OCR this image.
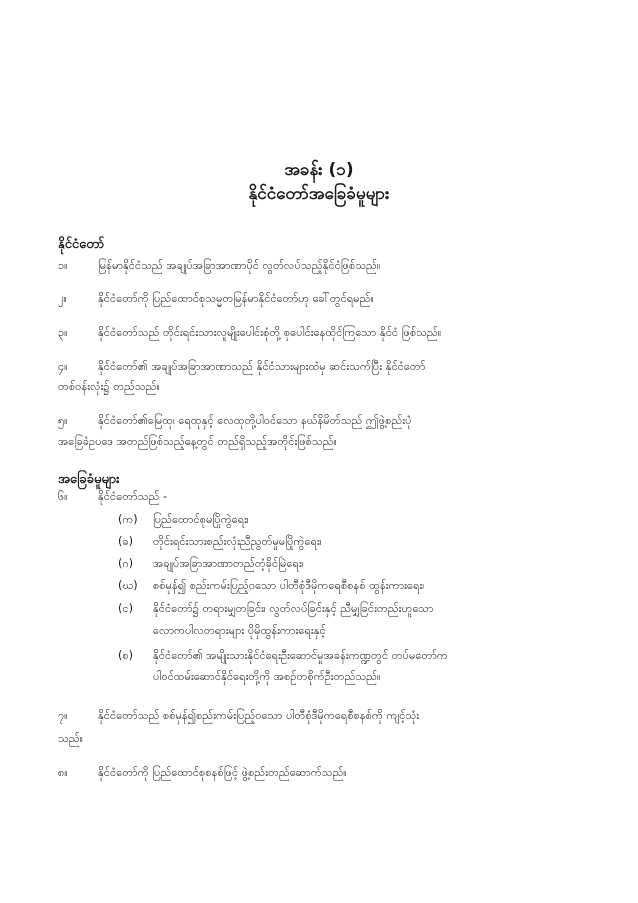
အခန်း (၁)
နိုင်ငံတော်အခြေခံမူများ
နိုင်ငံတော်
၁။	မြန်မာနိုင်ငံသည် အချုပ်အခြာအာဏာပိုင် လွတ်လပ်သည့်နိုင်ငံဖြစ်သည်။
၂။	နိုင်ငံတော်ကို ပြည်ထောင်စုသမ္မတမြန်မာနိုင်ငံတော်ဟု ခေါ်တွင်ရမည်။
၃။	နိုင်ငံတော်သည် တိုင်းရင်းသားလူမျိုးပေါင်းစုံတို့ စုပေါင်းနေထိုင်ကြသော နိုင်ငံ ဖြစ်သည်။
၄။	နိုင်ငံတော်၏ အချုပ်အခြာအာဏာသည် နိုင်ငံသားများထံမှ ဆင်းသက်ပြီး နိုင်ငံတော်
တစ်ဝန်းလုံး၌ တည်သည်။
၅။	နိုင်ငံတော်၏မြေထု၊ ရေထုနှင့် လေထုတို့ပါဝင်သော နယ်နိမိတ်သည် ဤဖွဲ့စည်းပုံ
အခြေခံဥပဒေ အတည်ဖြစ်သည့်နေ့တွင် တည်ရှိသည့်အတိုင်းဖြစ်သည်။
အခြေခံမူများ
၆။	နိုင်ငံတော်သည် -
(က) ပြည်ထောင်စုမပြိုကွဲရေး၊
(ခ) တိုင်းရင်းသားစည်းလုံးညီညွတ်မှုမပြိုကွဲရေး၊
(ဂ) အချုပ်အခြာအာဏာတည်တံ့ခိုင်မြဲရေး၊
(ဃ) စစ်မှန်၍ စည်းကမ်းပြည့်ဝသော ပါတီစုံဒီမိုကရေစီစနစ် ထွန်းကားရေး၊
(င) နိုင်ငံတော်၌ တရားမျှတခြင်း၊ လွတ်လပ်ခြင်းနှင့် ညီမျှခြင်းတည်းဟူသော
လောကပါလတရားများ ပိုမိုထွန်းကားရေးနှင့်
(စ) နိုင်ငံတော်၏ အမျိုးသားနိုင်ငံရေးဦးဆောင်မှုအခန်းကဏ္ဍတွင် တပ်မတော်က
ပါဝင်ထမ်းဆောင်နိုင်ရေးတို့ကို အစဉ်တစိုက်ဦးတည်သည်။
၇။	နိုင်ငံတော်သည် စစ်မှန်၍စည်းကမ်းပြည့်ဝသော ပါတီစုံဒီမိုကရေစီစနစ်ကို ကျင့်သုံး
သည်။
၈။	နိုင်ငံတော်ကို ပြည်ထောင်စုစနစ်ဖြင့် ဖွဲ့စည်းတည်ဆောက်သည်။
